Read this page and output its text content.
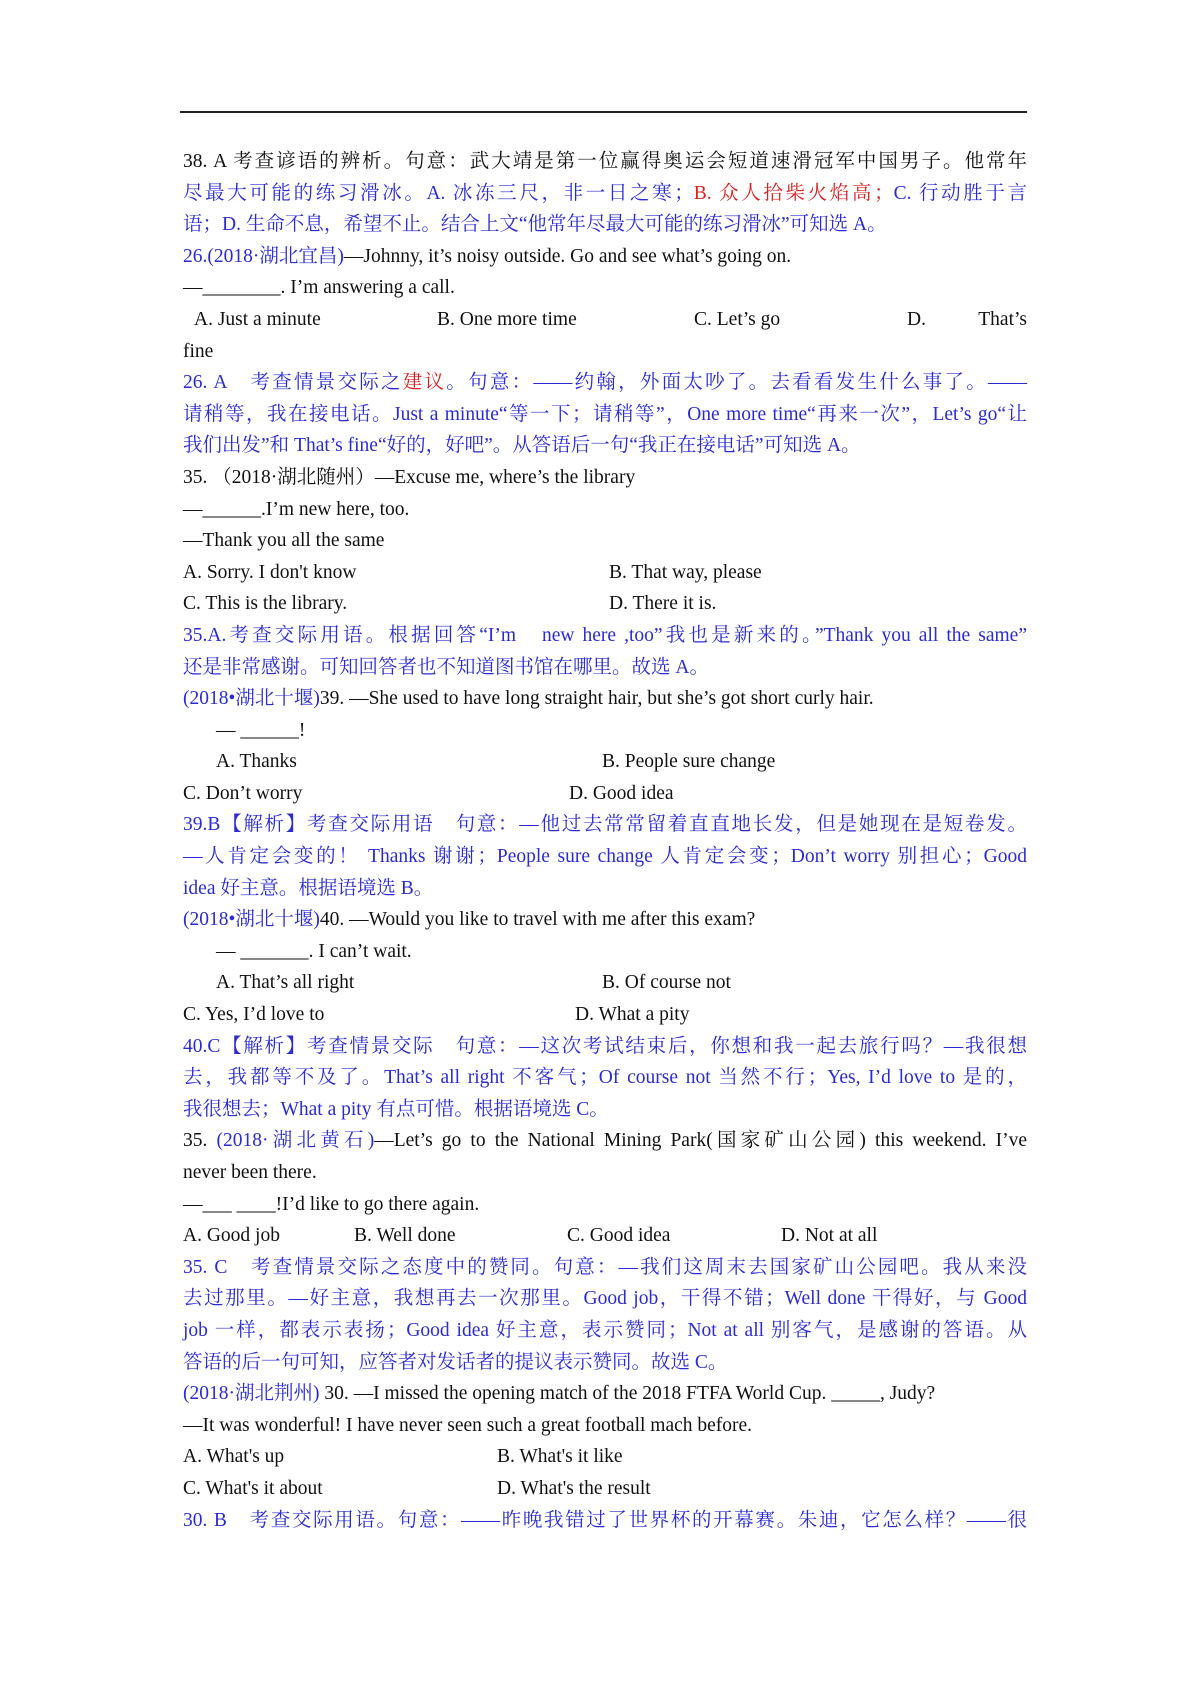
38. A 考查谚语的辨析。句意：武大靖是第一位赢得奥运会短道速滑冠军中国男子。他常年
尽最大可能的练习滑冰。A. 冰冻三尺，非一日之寒；B. 众人拾柴火焰高；C. 行动胜于言
语；D. 生命不息，希望不止。结合上文“他常年尽最大可能的练习滑冰”可知选 A。
26.(2018·湖北宜昌)—Johnny, it’s noisy outside. Go and see what’s going on.
—________. I’m answering a call.
A. Just a minute	B. One more time	C. Let’s go	D.	That’s
fine
26. A　考查情景交际之建议。句意：——约翰，外面太吵了。去看看发生什么事了。——
请稍等，我在接电话。Just a minute“等一下；请稍等”，One more time“再来一次”，Let’s go“让
我们出发”和 That’s fine“好的，好吧”。从答语后一句“我正在接电话”可知选 A。
35. （2018·湖北随州）—Excuse me, where’s the library
—______.I’m new here, too.
—Thank you all the same
A. Sorry. I don't know	B. That way, please
C. This is the library.	D. There it is.
35.A.考查交际用语。根据回答“I’m　new here ,too”我也是新来的。”Thank you all the same”
还是非常感谢。可知回答者也不知道图书馆在哪里。故选 A。
(2018•湖北十堰)39. —She used to have long straight hair, but she’s got short curly hair.
— ______!
A. Thanks	B. People sure change
C. Don’t worry	D. Good idea
39.B【解析】考查交际用语　句意：—他过去常常留着直直地长发，但是她现在是短卷发。
—人肯定会变的！ Thanks 谢谢；People sure change 人肯定会变；Don’t worry 别担心；Good
idea 好主意。根据语境选 B。
(2018•湖北十堰)40. —Would you like to travel with me after this exam?
— _______. I can’t wait.
A. That’s all right	B. Of course not
C. Yes, I’d love to	D. What a pity
40.C【解析】考查情景交际　句意：—这次考试结束后，你想和我一起去旅行吗？—我很想
去，我都等不及了。That’s all right 不客气；Of course not 当然不行；Yes, I’d love to 是的，
我很想去；What a pity 有点可惜。根据语境选 C。
35. (2018·湖北黄石)—Let’s go to the National Mining Park(国家矿山公园) this weekend. I’ve
never been there.
—___ ____!I’d like to go there again.
A. Good job	B. Well done	C. Good idea	D. Not at all
35. C　考查情景交际之态度中的赞同。句意：—我们这周末去国家矿山公园吧。我从来没
去过那里。—好主意，我想再去一次那里。Good job，干得不错；Well done 干得好，与 Good
job 一样，都表示表扬；Good idea 好主意，表示赞同；Not at all 别客气，是感谢的答语。从
答语的后一句可知，应答者对发话者的提议表示赞同。故选 C。
(2018·湖北荆州) 30. —I missed the opening match of the 2018 FTFA World Cup. _____, Judy?
—It was wonderful! I have never seen such a great football mach before.
A. What's up	B. What's it like
C. What's it about	D. What's the result
30. B　考查交际用语。句意：——昨晚我错过了世界杯的开幕赛。朱迪，它怎么样？——很
